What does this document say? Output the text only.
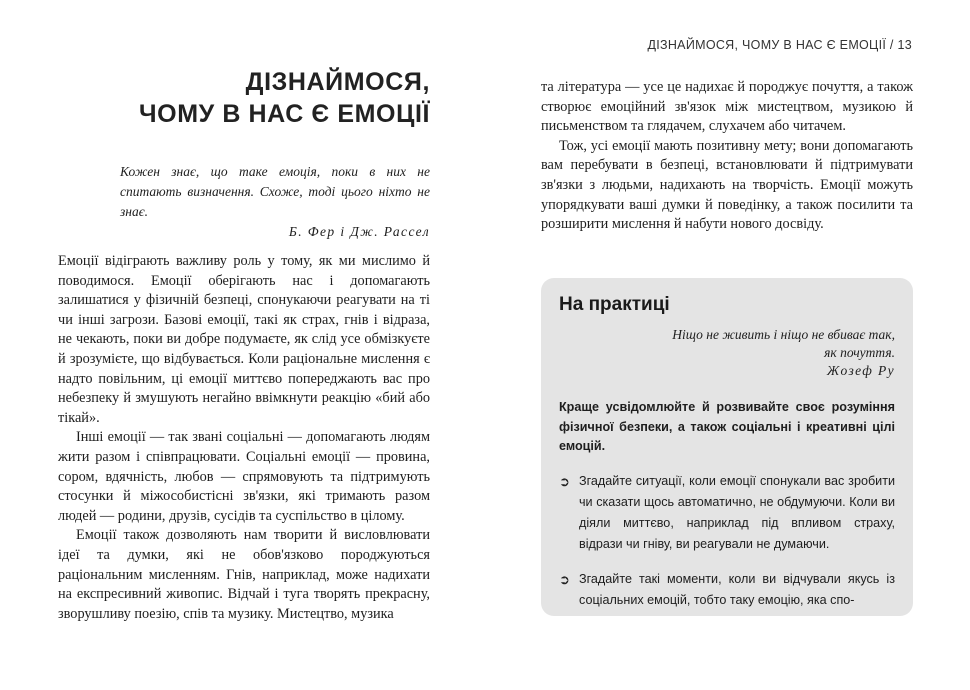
ДІЗНАЙМОСЯ, ЧОМУ В НАС Є ЕМОЦІЇ / 13
ДІЗНАЙМОСЯ,
ЧОМУ В НАС Є ЕМОЦІЇ
Кожен знає, що таке емоція, поки в них не спитають визначення. Схоже, тоді цього ніхто не знає.
Б. Фер і Дж. Рассел

Емоції відіграють важливу роль у тому, як ми мислимо й поводимося. Емоції оберігають нас і допомагають залишатися у фізичній безпеці, спонукаючи реагувати на ті чи інші загрози. Базові емоції, такі як страх, гнів і відраза, не чекають, поки ви добре подумаєте, як слід усе обмізкуєте й зрозумієте, що відбувається. Коли раціональне мислення є надто повільним, ці емоції миттєво попереджають вас про небезпеку й змушують негайно ввімкнути реакцію «бий або тікай».

Інші емоції — так звані соціальні — допомагають людям жити разом і співпрацювати. Соціальні емоції — провина, сором, вдячність, любов — спрямовують та підтримують стосунки й міжособистісні зв'язки, які тримають разом людей — родини, друзів, сусідів та суспільство в цілому.

Емоції також дозволяють нам творити й висловлювати ідеї та думки, які не обов'язково породжуються раціональним мисленням. Гнів, наприклад, може надихати на експресивний живопис. Відчай і туга творять прекрасну, зворушливу поезію, спів та музику. Мистецтво, музика

та література — усе це надихає й породжує почуття, а також створює емоційний зв'язок між мистецтвом, музикою й письменством та глядачем, слухачем або читачем.

Тож, усі емоції мають позитивну мету; вони допомагають вам перебувати в безпеці, встановлювати й підтримувати зв'язки з людьми, надихають на творчість. Емоції можуть упорядкувати ваші думки й поведінку, а також посилити та розширити мислення й набути нового досвіду.

На практиці
Ніщо не живить і ніщо не вбиває так,
як почуття.
Жозеф Ру

Краще усвідомлюйте й розвивайте своє розуміння фізичної безпеки, а також соціальні і креативні цілі емоцій.

➲ Згадайте ситуації, коли емоції спонукали вас зробити чи сказати щось автоматично, не обдумуючи. Коли ви діяли миттєво, наприклад під впливом страху, відрази чи гніву, ви реагували не думаючи.
➲ Згадайте такі моменти, коли ви відчували якусь із соціальних емоцій, тобто таку емоцію, яка спо-
